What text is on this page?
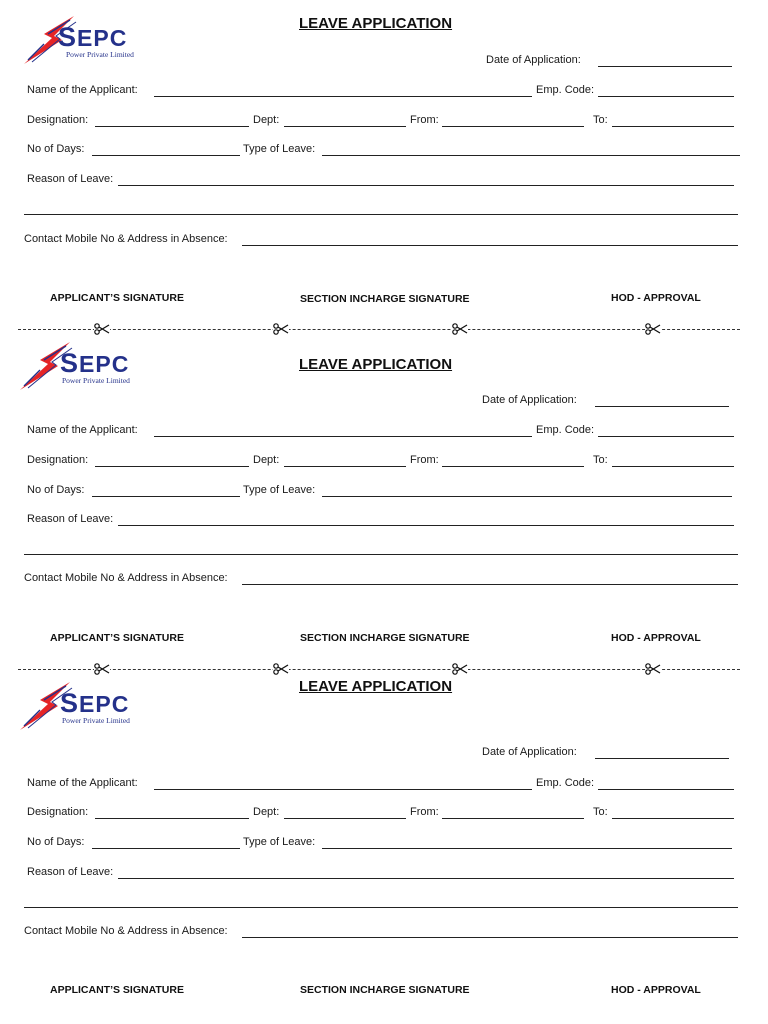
SEPC
Power Private Limited
LEAVE APPLICATION
Date of Application:
Name of the Applicant:	Emp. Code:
Designation:	Dept:	From:	To:
No of Days:	Type of Leave:
Reason of Leave:
Contact Mobile No & Address in Absence:
APPLICANT’S SIGNATURE	SECTION INCHARGE SIGNATURE	HOD - APPROVAL
SEPC
Power Private Limited
LEAVE APPLICATION
Date of Application:
Name of the Applicant:	Emp. Code:
Designation:	Dept:	From:	To:
No of Days:	Type of Leave:
Reason of Leave:
Contact Mobile No & Address in Absence:
APPLICANT’S SIGNATURE	SECTION INCHARGE SIGNATURE	HOD - APPROVAL
SEPC
Power Private Limited
LEAVE APPLICATION
Date of Application:
Name of the Applicant:	Emp. Code:
Designation:	Dept:	From:	To:
No of Days:	Type of Leave:
Reason of Leave:
Contact Mobile No & Address in Absence:
APPLICANT’S SIGNATURE	SECTION INCHARGE SIGNATURE	HOD - APPROVAL
